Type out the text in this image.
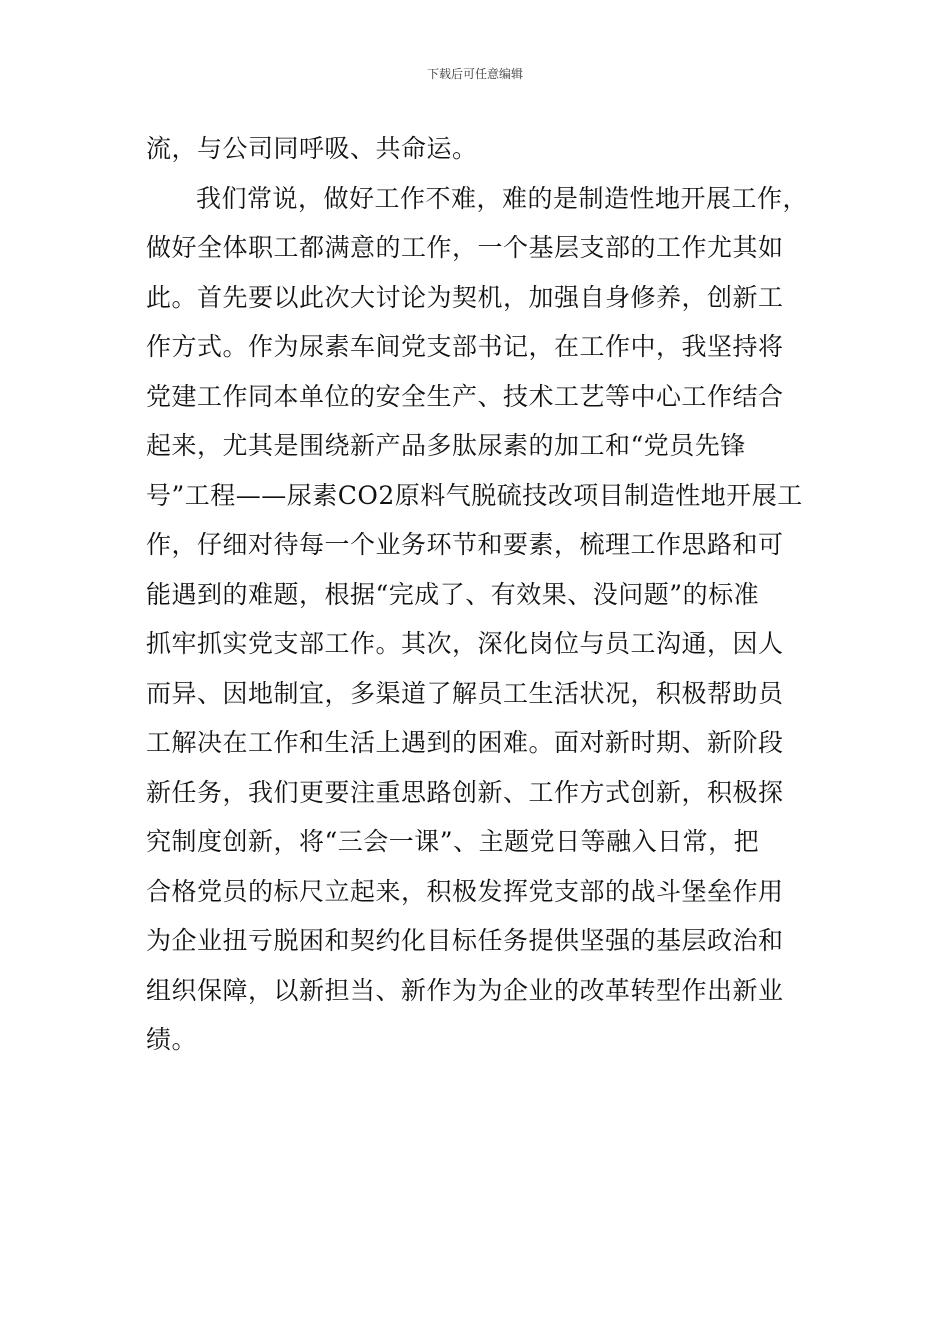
下载后可任意编辑
流，与公司同呼吸、共命运。
我们常说，做好工作不难，难的是制造性地开展工作，
做好全体职工都满意的工作，一个基层支部的工作尤其如
此。首先要以此次大讨论为契机，加强自身修养，创新工
作方式。作为尿素车间党支部书记，在工作中，我坚持将
党建工作同本单位的安全生产、技术工艺等中心工作结合
起来，尤其是围绕新产品多肽尿素的加工和“党员先锋
号”工程——尿素CO2原料气脱硫技改项目制造性地开展工
作，仔细对待每一个业务环节和要素，梳理工作思路和可
能遇到的难题，根据“完成了、有效果、没问题”的标准
抓牢抓实党支部工作。其次，深化岗位与员工沟通，因人
而异、因地制宜，多渠道了解员工生活状况，积极帮助员
工解决在工作和生活上遇到的困难。面对新时期、新阶段
新任务，我们更要注重思路创新、工作方式创新，积极探
究制度创新，将“三会一课”、主题党日等融入日常，把
合格党员的标尺立起来，积极发挥党支部的战斗堡垒作用
为企业扭亏脱困和契约化目标任务提供坚强的基层政治和
组织保障，以新担当、新作为为企业的改革转型作出新业
绩。
